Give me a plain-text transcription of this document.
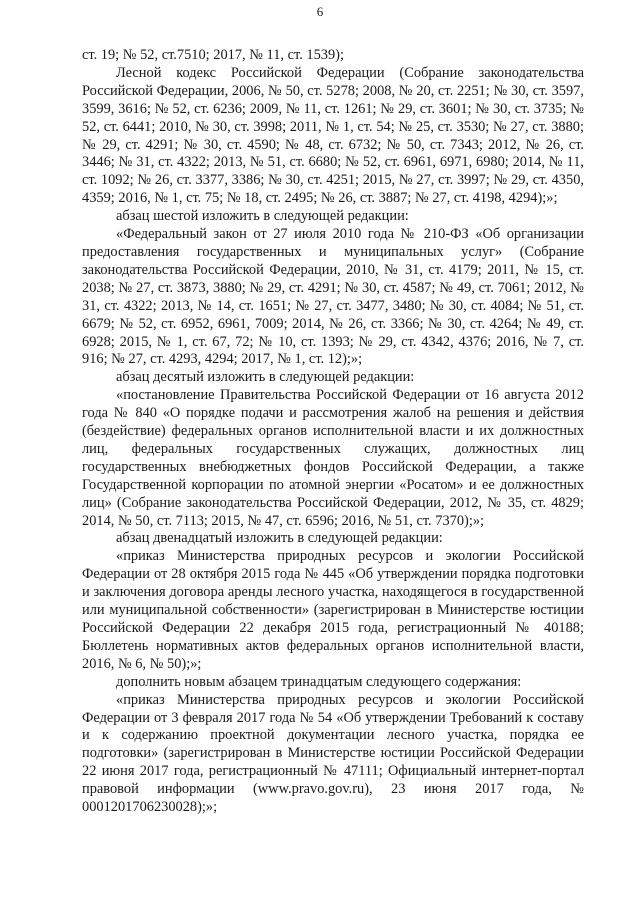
6

ст. 19; № 52, ст.7510; 2017, № 11, ст. 1539);

Лесной кодекс Российской Федерации (Собрание законодательства Российской Федерации, 2006, № 50, ст. 5278; 2008, № 20, ст. 2251; № 30, ст. 3597, 3599, 3616; № 52, ст. 6236; 2009, № 11, ст. 1261; № 29, ст. 3601; № 30, ст. 3735; № 52, ст. 6441; 2010, № 30, ст. 3998; 2011, № 1, ст. 54; № 25, ст. 3530; № 27, ст. 3880; № 29, ст. 4291; № 30, ст. 4590; № 48, ст. 6732; № 50, ст. 7343; 2012, № 26, ст. 3446; № 31, ст. 4322; 2013, № 51, ст. 6680; № 52, ст. 6961, 6971, 6980; 2014, № 11, ст. 1092; № 26, ст. 3377, 3386; № 30, ст. 4251; 2015, № 27, ст. 3997; № 29, ст. 4350, 4359; 2016, № 1, ст. 75; № 18, ст. 2495; № 26, ст. 3887; № 27, ст. 4198, 4294);»;

абзац шестой изложить в следующей редакции:

«Федеральный закон от 27 июля 2010 года № 210-ФЗ «Об организации предоставления государственных и муниципальных услуг» (Собрание законодательства Российской Федерации, 2010, № 31, ст. 4179; 2011, № 15, ст. 2038; № 27, ст. 3873, 3880; № 29, ст. 4291; № 30, ст. 4587; № 49, ст. 7061; 2012, № 31, ст. 4322; 2013, № 14, ст. 1651; № 27, ст. 3477, 3480; № 30, ст. 4084; № 51, ст. 6679; № 52, ст. 6952, 6961, 7009; 2014, № 26, ст. 3366; № 30, ст. 4264; № 49, ст. 6928; 2015, № 1, ст. 67, 72; № 10, ст. 1393; № 29, ст. 4342, 4376; 2016, № 7, ст. 916; № 27, ст. 4293, 4294; 2017, № 1, ст. 12);»;

абзац десятый изложить в следующей редакции:

«постановление Правительства Российской Федерации от 16 августа 2012 года № 840 «О порядке подачи и рассмотрения жалоб на решения и действия (бездействие) федеральных органов исполнительной власти и их должностных лиц, федеральных государственных служащих, должностных лиц государственных внебюджетных фондов Российской Федерации, а также Государственной корпорации по атомной энергии «Росатом» и ее должностных лиц» (Собрание законодательства Российской Федерации, 2012, № 35, ст. 4829; 2014, № 50, ст. 7113; 2015, № 47, ст. 6596; 2016, № 51, ст. 7370);»;

абзац двенадцатый изложить в следующей редакции:

«приказ Министерства природных ресурсов и экологии Российской Федерации от 28 октября 2015 года № 445 «Об утверждении порядка подготовки и заключения договора аренды лесного участка, находящегося в государственной или муниципальной собственности» (зарегистрирован в Министерстве юстиции Российской Федерации 22 декабря 2015 года, регистрационный № 40188; Бюллетень нормативных актов федеральных органов исполнительной власти, 2016, № 6, № 50);»;

дополнить новым абзацем тринадцатым следующего содержания:

«приказ Министерства природных ресурсов и экологии Российской Федерации от 3 февраля 2017 года № 54 «Об утверждении Требований к составу и к содержанию проектной документации лесного участка, порядка ее подготовки» (зарегистрирован в Министерстве юстиции Российской Федерации 22 июня 2017 года, регистрационный № 47111; Официальный интернет-портал правовой информации (www.pravo.gov.ru), 23 июня 2017 года, № 0001201706230028);»;
